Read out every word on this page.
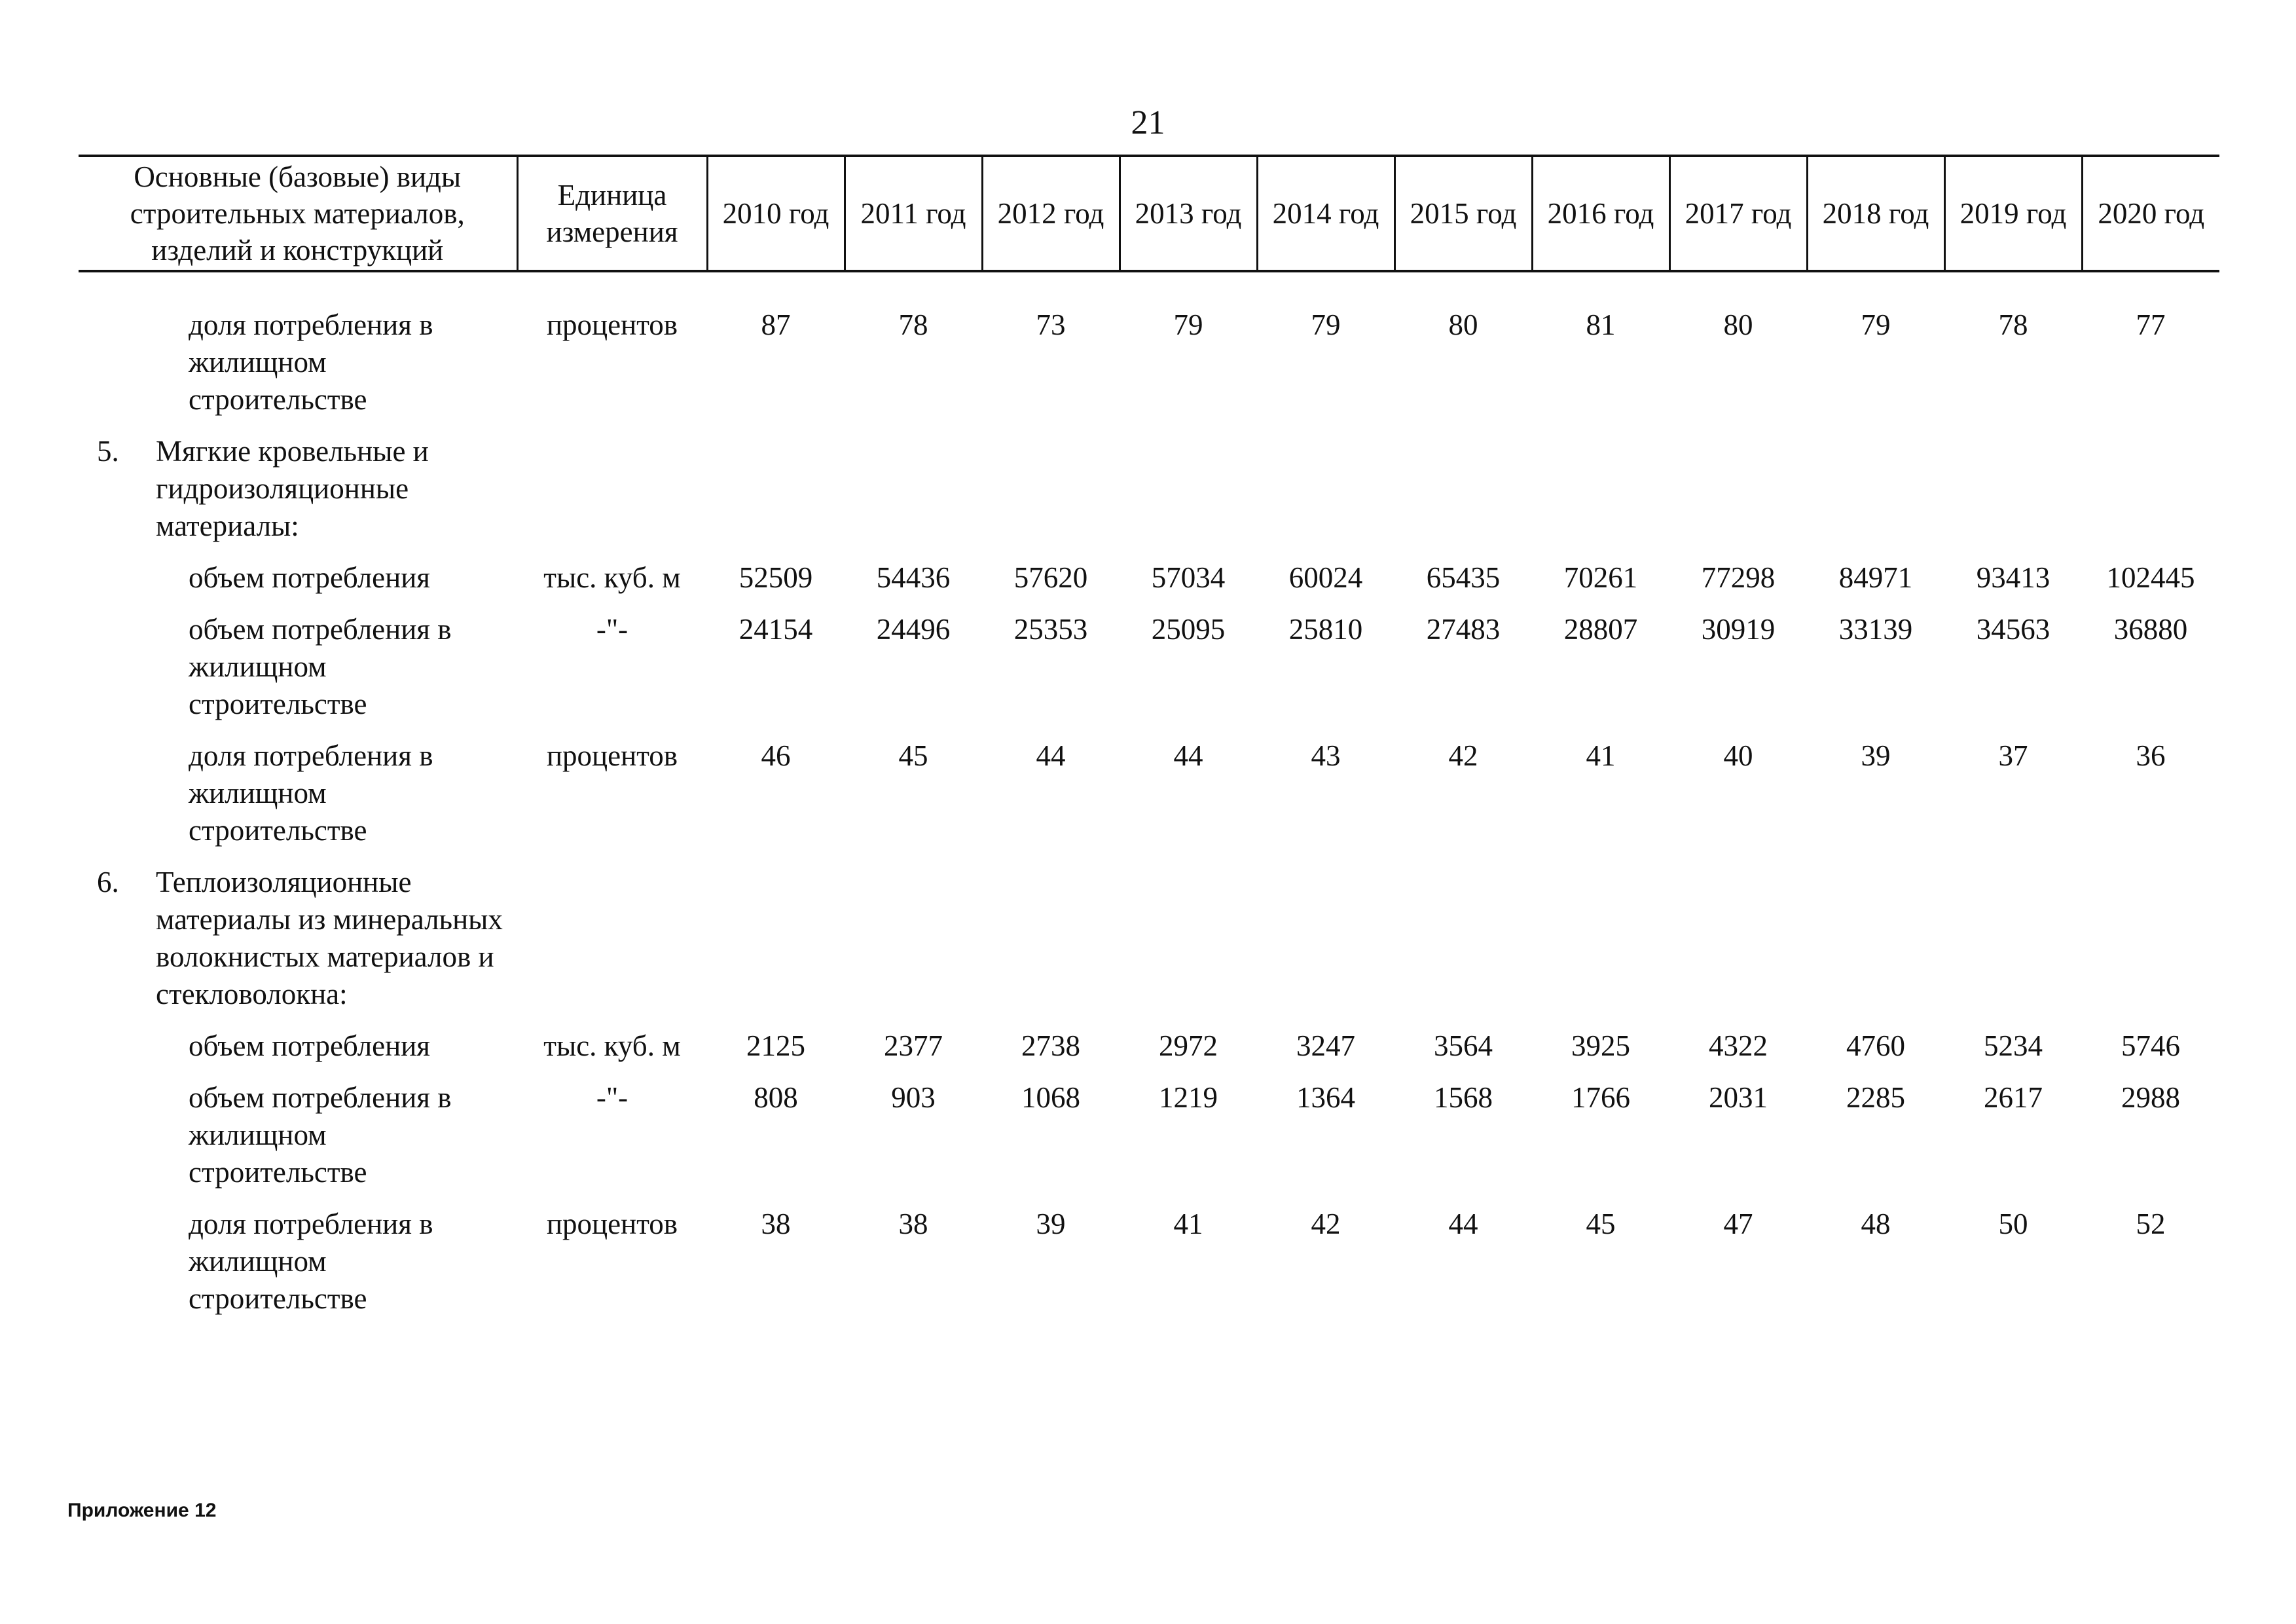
21
Основные (базовые) виды строительных материалов, изделий и конструкций	Единица измерения	2010 год	2011 год	2012 год	2013 год	2014 год	2015 год	2016 год	2017 год	2018 год	2019 год	2020 год

доля потребления в жилищном строительстве	процентов	87	78	73	79	79	80	81	80	79	78	77

5. Мягкие кровельные и гидроизоляционные материалы:												

объем потребления	тыс. куб. м	52509	54436	57620	57034	60024	65435	70261	77298	84971	93413	102445
объем потребления в жилищном строительстве	-"-	24154	24496	25353	25095	25810	27483	28807	30919	33139	34563	36880
доля потребления в жилищном строительстве	процентов	46	45	44	44	43	42	41	40	39	37	36

6. Теплоизоляционные материалы из минеральных волокнистых материалов и стекловолокна:												

объем потребления	тыс. куб. м	2125	2377	2738	2972	3247	3564	3925	4322	4760	5234	5746
объем потребления в жилищном строительстве	-"-	808	903	1068	1219	1364	1568	1766	2031	2285	2617	2988
доля потребления в жилищном строительстве	процентов	38	38	39	41	42	44	45	47	48	50	52
Приложение 12
